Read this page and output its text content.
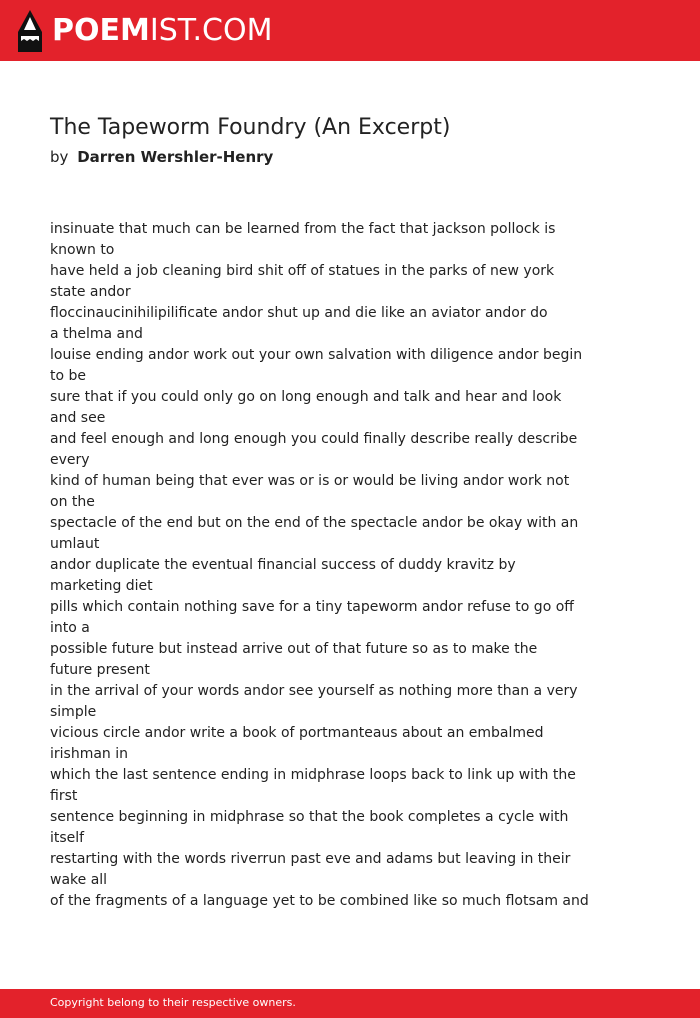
POEMIST.COM
The Tapeworm Foundry (An Excerpt)
by Darren Wershler-Henry
insinuate that much can be learned from the fact that jackson pollock is
known to
have held a job cleaning bird shit off of statues in the parks of new york
state andor
floccinaucinihilipilificate andor shut up and die like an aviator andor do
a thelma and
louise ending andor work out your own salvation with diligence andor begin
to be
sure that if you could only go on long enough and talk and hear and look
and see
and feel enough and long enough you could finally describe really describe
every
kind of human being that ever was or is or would be living andor work not
on the
spectacle of the end but on the end of the spectacle andor be okay with an
umlaut
andor duplicate the eventual financial success of duddy kravitz by
marketing diet
pills which contain nothing save for a tiny tapeworm andor refuse to go off
into a
possible future but instead arrive out of that future so as to make the
future present
in the arrival of your words andor see yourself as nothing more than a very
simple
vicious circle andor write a book of portmanteaus about an embalmed
irishman in
which the last sentence ending in midphrase loops back to link up with the
first
sentence beginning in midphrase so that the book completes a cycle with
itself
restarting with the words riverrun past eve and adams but leaving in their
wake all
of the fragments of a language yet to be combined like so much flotsam and
Copyright belong to their respective owners.
